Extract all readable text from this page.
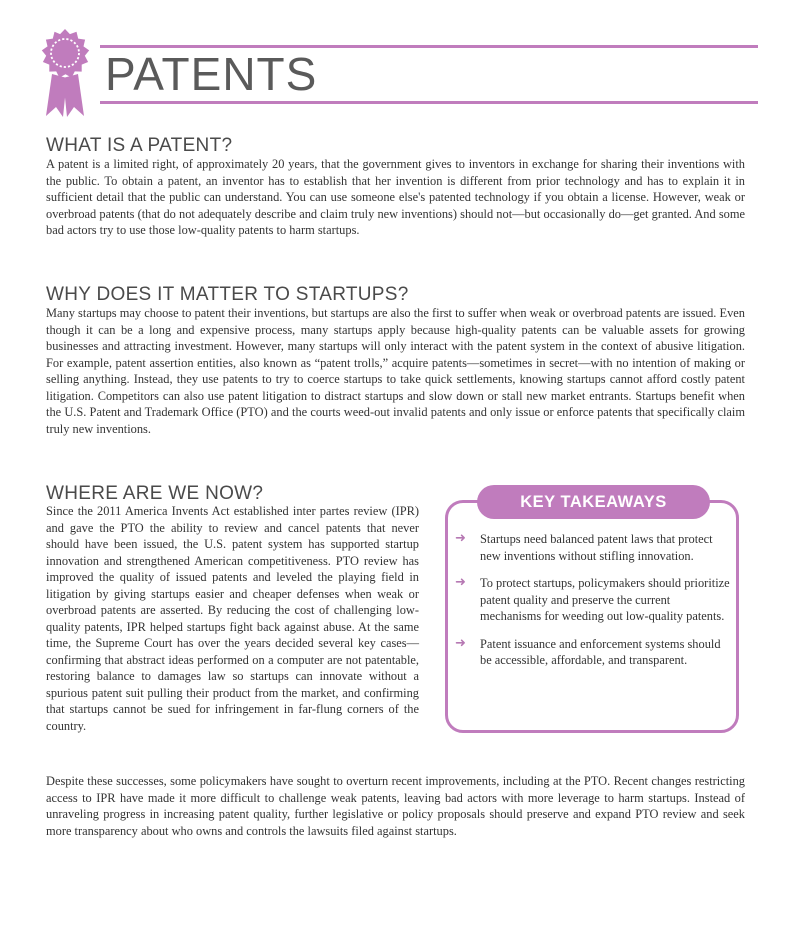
PATENTS
WHAT IS A PATENT?

A patent is a limited right, of approximately 20 years, that the government gives to inventors in exchange for sharing their inventions with the public. To obtain a patent, an inventor has to establish that her invention is different from prior technology and has to explain it in sufficient detail that the public can understand. You can use someone else's patented technology if you obtain a license. However, weak or overbroad patents (that do not adequately describe and claim truly new inventions) should not—but occasionally do—get granted. And some bad actors try to use those low-quality patents to harm startups.

WHY DOES IT MATTER TO STARTUPS?

Many startups may choose to patent their inventions, but startups are also the first to suffer when weak or overbroad patents are issued. Even though it can be a long and expensive process, many startups apply because high-quality patents can be valuable assets for growing businesses and attracting investment. However, many startups will only interact with the patent system in the context of abusive litigation. For example, patent assertion entities, also known as “patent trolls,” acquire patents—sometimes in secret—with no intention of making or selling anything. Instead, they use patents to try to coerce startups to take quick settlements, knowing startups cannot afford costly patent litigation. Competitors can also use patent litigation to distract startups and slow down or stall new market entrants. Startups benefit when the U.S. Patent and Trademark Office (PTO) and the courts weed-out invalid patents and only issue or enforce patents that specifically claim truly new inventions.

WHERE ARE WE NOW?

Since the 2011 America Invents Act established inter partes review (IPR) and gave the PTO the ability to review and cancel patents that never should have been issued, the U.S. patent system has supported startup innovation and strengthened American competitiveness. PTO review has improved the quality of issued patents and leveled the playing field in litigation by giving startups easier and cheaper defenses when weak or overbroad patents are asserted. By reducing the cost of challenging low-quality patents, IPR helped startups fight back against abuse. At the same time, the Supreme Court has over the years decided several key cases—confirming that abstract ideas performed on a computer are not patentable, restoring balance to damages law so startups can innovate without a spurious patent suit pulling their product from the market, and confirming that startups cannot be sued for infringement in far-flung corners of the country.

KEY TAKEAWAYS
➜ Startups need balanced patent laws that protect new inventions without stifling innovation.
➜ To protect startups, policymakers should prioritize patent quality and preserve the current mechanisms for weeding out low-quality patents.
➜ Patent issuance and enforcement systems should be accessible, affordable, and transparent.

Despite these successes, some policymakers have sought to overturn recent improvements, including at the PTO. Recent changes restricting access to IPR have made it more difficult to challenge weak patents, leaving bad actors with more leverage to harm startups. Instead of unraveling progress in increasing patent quality, further legislative or policy proposals should preserve and expand PTO review and seek more transparency about who owns and controls the lawsuits filed against startups.
